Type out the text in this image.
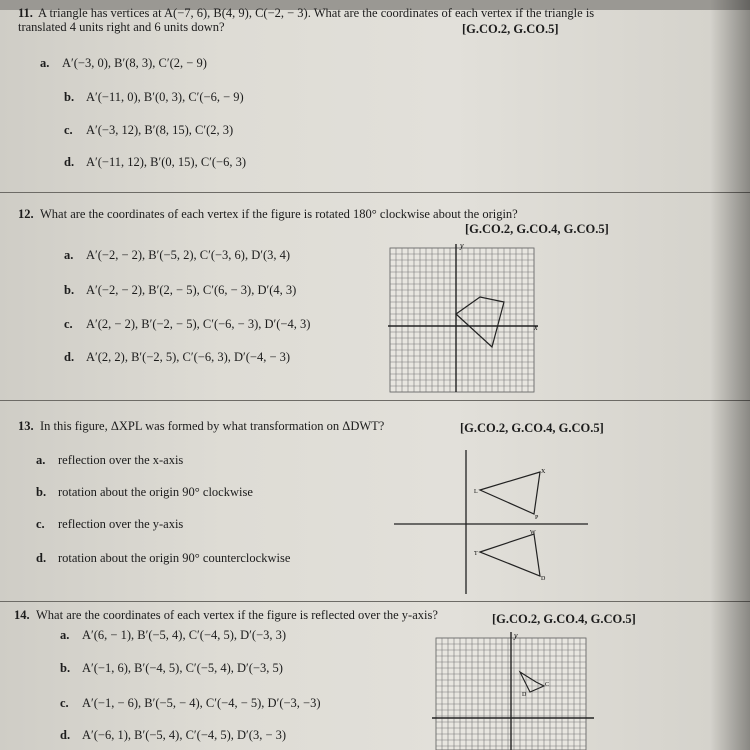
11. A triangle has vertices at A(−7, 6), B(4, 9), C(−2, − 3). What are the coordinates of each vertex if the triangle is
translated 4 units right and 6 units down?	[G.CO.2, G.CO.5]
a. A′(−3, 0), B′(8, 3), C′(2, − 9)
b. A′(−11, 0), B′(0, 3), C′(−6, − 9)
c. A′(−3, 12), B′(8, 15), C′(2, 3)
d. A′(−11, 12), B′(0, 15), C′(−6, 3)
12. What are the coordinates of each vertex if the figure is rotated 180° clockwise about the origin?
[G.CO.2, G.CO.4, G.CO.5]
a. A′(−2, − 2), B′(−5, 2), C′(−3, 6), D′(3, 4)
b. A′(−2, − 2), B′(2, − 5), C′(6, − 3), D′(4, 3)
c. A′(2, − 2), B′(−2, − 5), C′(−6, − 3), D′(−4, 3)
d. A′(2, 2), B′(−2, 5), C′(−6, 3), D′(−4, − 3)
y
x
13. In this figure, ΔXPL was formed by what transformation on ΔDWT?	[G.CO.2, G.CO.4, G.CO.5]
a. reflection over the x-axis
b. rotation about the origin 90° clockwise
c. reflection over the y-axis
d. rotation about the origin 90° counterclockwise
L
X
P
T
W
D
14. What are the coordinates of each vertex if the figure is reflected over the y-axis?	[G.CO.2, G.CO.4, G.CO.5]
a. A′(6, − 1), B′(−5, 4), C′(−4, 5), D′(−3, 3)
b. A′(−1, 6), B′(−4, 5), C′(−5, 4), D′(−3, 5)
c. A′(−1, − 6), B′(−5, − 4), C′(−4, − 5), D′(−3, −3)
d. A′(−6, 1), B′(−5, 4), C′(−4, 5), D′(3, − 3)
y
C
D
